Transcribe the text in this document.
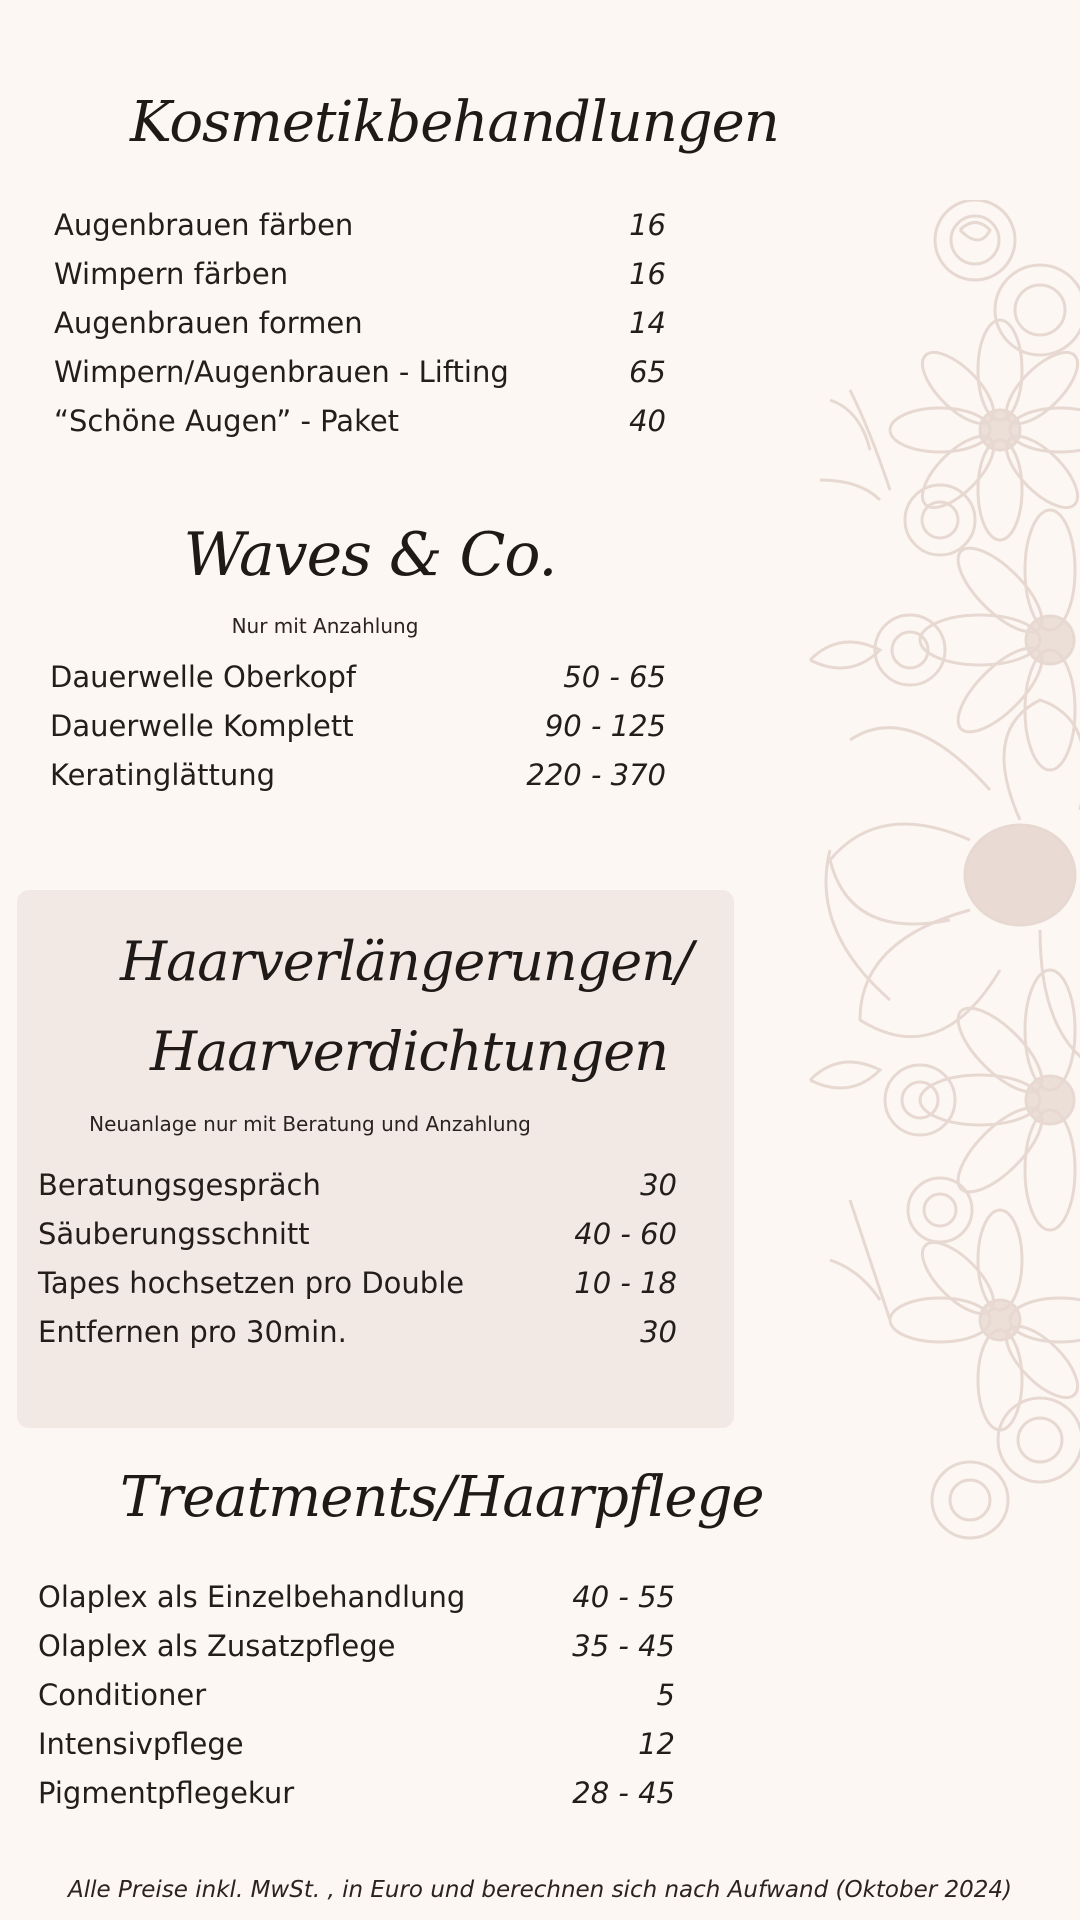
Kosmetikbehandlungen
Augenbrauen färben	16
Wimpern färben	16
Augenbrauen formen	14
Wimpern/Augenbrauen - Lifting	65
“Schöne Augen” - Paket	40
Waves & Co.
Nur mit Anzahlung
Dauerwelle Oberkopf	50 - 65
Dauerwelle Komplett	90 - 125
Keratinglättung	220 - 370
Haarverlängerungen/
Haarverdichtungen
Neuanlage nur mit Beratung und Anzahlung
Beratungsgespräch	30
Säuberungsschnitt	40 - 60
Tapes hochsetzen pro Double	10 - 18
Entfernen pro 30min.	30
Treatments/Haarpflege
Olaplex als Einzelbehandlung	40 - 55
Olaplex als Zusatzpflege	35 - 45
Conditioner	5
Intensivpflege	12
Pigmentpflegekur	28 - 45
Alle Preise inkl. MwSt. , in Euro und berechnen sich nach Aufwand (Oktober 2024)
